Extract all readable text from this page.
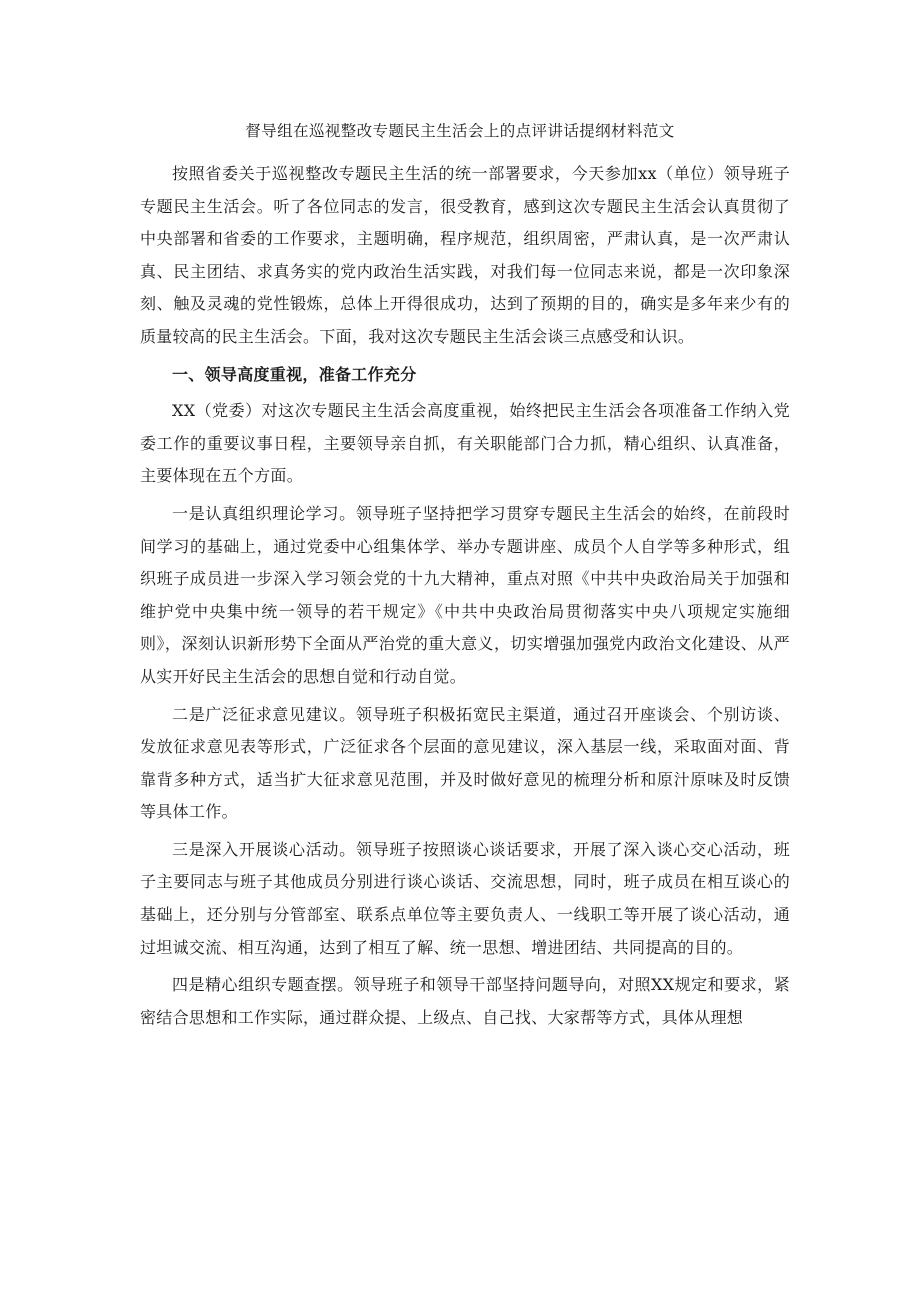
督导组在巡视整改专题民主生活会上的点评讲话提纲材料范文

按照省委关于巡视整改专题民主生活的统一部署要求，今天参加xx（单位）领导班子专题民主生活会。听了各位同志的发言，很受教育，感到这次专题民主生活会认真贯彻了中央部署和省委的工作要求，主题明确，程序规范，组织周密，严肃认真，是一次严肃认真、民主团结、求真务实的党内政治生活实践，对我们每一位同志来说，都是一次印象深刻、触及灵魂的党性锻炼，总体上开得很成功，达到了预期的目的，确实是多年来少有的质量较高的民主生活会。下面，我对这次专题民主生活会谈三点感受和认识。

一、领导高度重视，准备工作充分

XX（党委）对这次专题民主生活会高度重视，始终把民主生活会各项准备工作纳入党委工作的重要议事日程，主要领导亲自抓，有关职能部门合力抓，精心组织、认真准备，主要体现在五个方面。

一是认真组织理论学习。领导班子坚持把学习贯穿专题民主生活会的始终，在前段时间学习的基础上，通过党委中心组集体学、举办专题讲座、成员个人自学等多种形式，组织班子成员进一步深入学习领会党的十九大精神，重点对照《中共中央政治局关于加强和维护党中央集中统一领导的若干规定》《中共中央政治局贯彻落实中央八项规定实施细则》，深刻认识新形势下全面从严治党的重大意义，切实增强加强党内政治文化建设、从严从实开好民主生活会的思想自觉和行动自觉。

二是广泛征求意见建议。领导班子积极拓宽民主渠道，通过召开座谈会、个别访谈、发放征求意见表等形式，广泛征求各个层面的意见建议，深入基层一线，采取面对面、背靠背多种方式，适当扩大征求意见范围，并及时做好意见的梳理分析和原汁原味及时反馈等具体工作。

三是深入开展谈心活动。领导班子按照谈心谈话要求，开展了深入谈心交心活动，班子主要同志与班子其他成员分别进行谈心谈话、交流思想，同时，班子成员在相互谈心的基础上，还分别与分管部室、联系点单位等主要负责人、一线职工等开展了谈心活动，通过坦诚交流、相互沟通，达到了相互了解、统一思想、增进团结、共同提高的目的。

四是精心组织专题查摆。领导班子和领导干部坚持问题导向，对照XX规定和要求，紧密结合思想和工作实际，通过群众提、上级点、自己找、大家帮等方式，具体从理想
